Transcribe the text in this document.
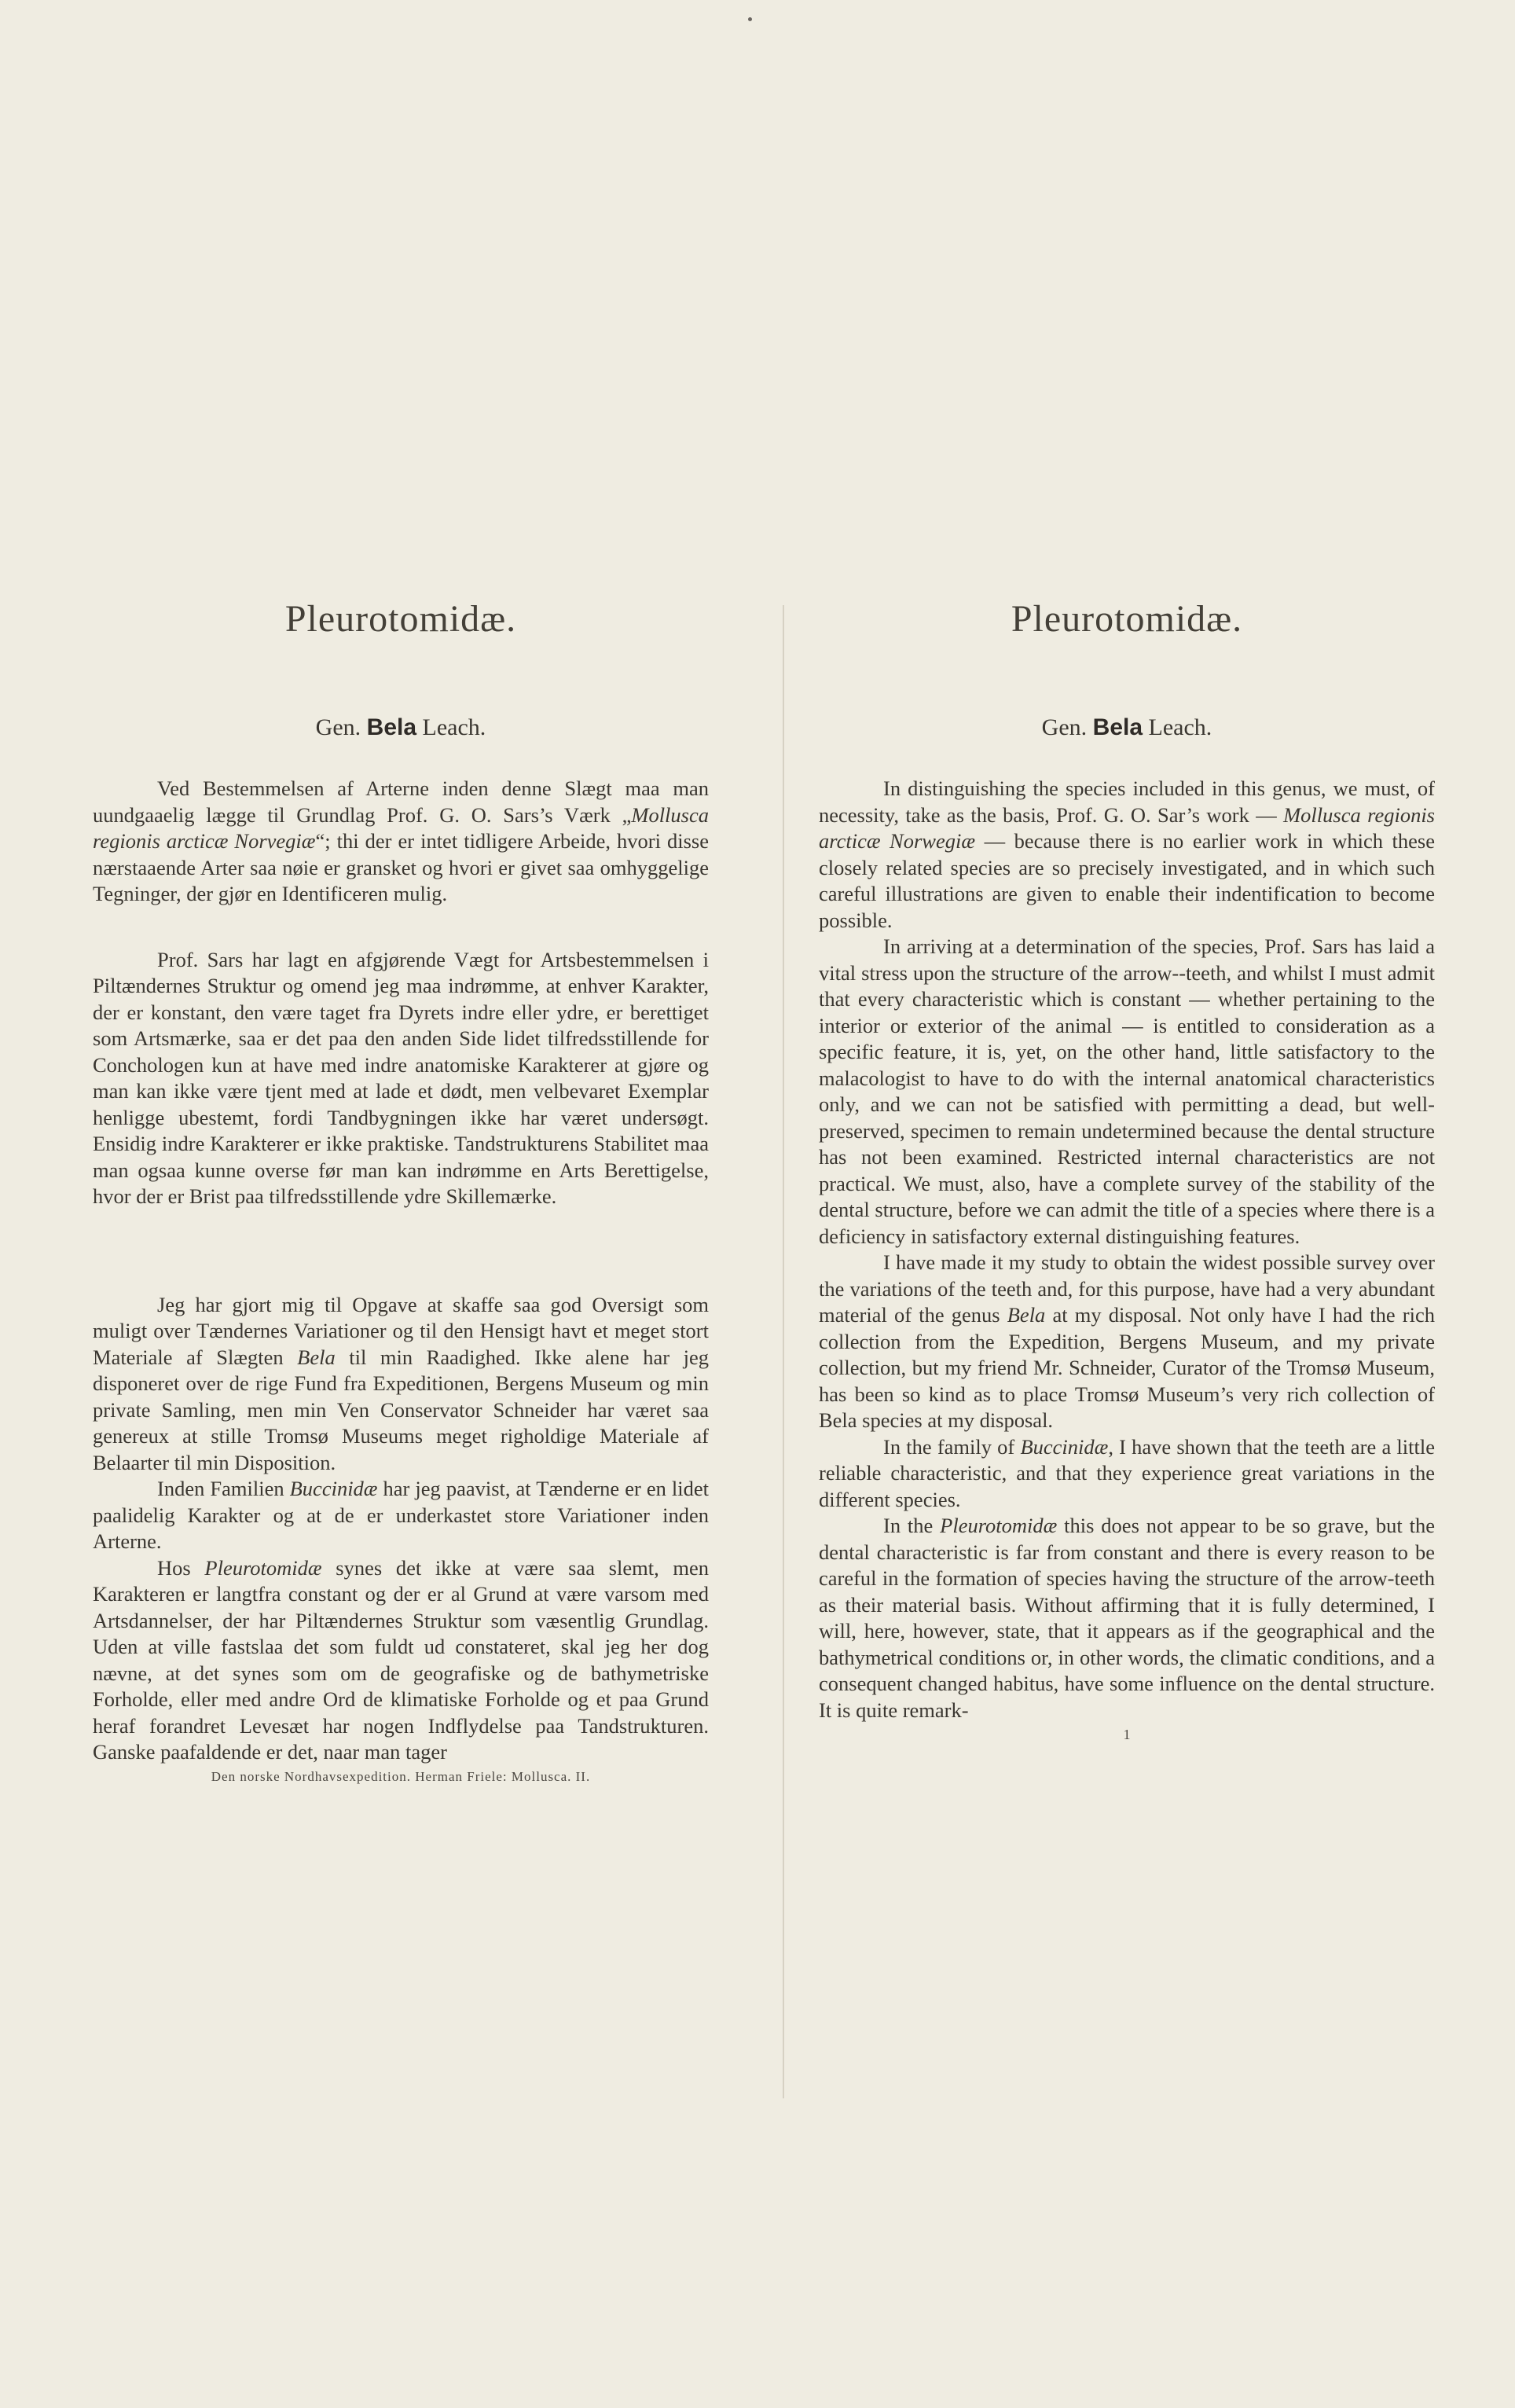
Pleurotomidæ.
Gen. Bela Leach.

Ved Bestemmelsen af Arterne inden denne Slægt maa man uundgaaelig lægge til Grundlag Prof. G. O. Sars’s Værk „Mollusca regionis arcticæ Norvegiæ“; thi der er intet tidligere Arbeide, hvori disse nærstaaende Arter saa nøie er gransket og hvori er givet saa omhyggelige Tegninger, der gjør en Identificeren mulig.

Prof. Sars har lagt en afgjørende Vægt for Artsbestemmelsen i Piltændernes Struktur og omend jeg maa indrømme, at enhver Karakter, der er konstant, den være taget fra Dyrets indre eller ydre, er berettiget som Artsmærke, saa er det paa den anden Side lidet tilfredsstillende for Conchologen kun at have med indre anatomiske Karakterer at gjøre og man kan ikke være tjent med at lade et dødt, men velbevaret Exemplar henligge ubestemt, fordi Tandbygningen ikke har været undersøgt. Ensidig indre Karakterer er ikke praktiske. Tandstrukturens Stabilitet maa man ogsaa kunne overse før man kan indrømme en Arts Berettigelse, hvor der er Brist paa tilfredsstillende ydre Skillemærke.

Jeg har gjort mig til Opgave at skaffe saa god Oversigt som muligt over Tændernes Variationer og til den Hensigt havt et meget stort Materiale af Slægten Bela til min Raadighed. Ikke alene har jeg disponeret over de rige Fund fra Expeditionen, Bergens Museum og min private Samling, men min Ven Conservator Schneider har været saa genereux at stille Tromsø Museums meget righoldige Materiale af Belaarter til min Disposition.

Inden Familien Buccinidæ har jeg paavist, at Tænderne er en lidet paalidelig Karakter og at de er underkastet store Variationer inden Arterne.

Hos Pleurotomidæ synes det ikke at være saa slemt, men Karakteren er langtfra constant og der er al Grund at være varsom med Artsdannelser, der har Piltændernes Struktur som væsentlig Grundlag. Uden at ville fastslaa det som fuldt ud constateret, skal jeg her dog nævne, at det synes som om de geografiske og de bathymetriske Forholde, eller med andre Ord de klimatiske Forholde og et paa Grund heraf forandret Levesæt har nogen Indflydelse paa Tandstrukturen. Ganske paafaldende er det, naar man tager

Den norske Nordhavsexpedition. Herman Friele: Mollusca. II.
Pleurotomidæ.
Gen. Bela Leach.

In distinguishing the species included in this genus, we must, of necessity, take as the basis, Prof. G. O. Sar’s work — Mollusca regionis arcticæ Norwegiæ — because there is no earlier work in which these closely related species are so precisely investigated, and in which such careful illustrations are given to enable their indentification to become possible.

In arriving at a determination of the species, Prof. Sars has laid a vital stress upon the structure of the arrow--teeth, and whilst I must admit that every characteristic which is constant — whether pertaining to the interior or exterior of the animal — is entitled to consideration as a specific feature, it is, yet, on the other hand, little satisfactory to the malacologist to have to do with the internal anatomical characteristics only, and we can not be satisfied with permitting a dead, but well-preserved, specimen to remain undetermined because the dental structure has not been examined. Restricted internal characteristics are not practical. We must, also, have a complete survey of the stability of the dental structure, before we can admit the title of a species where there is a deficiency in satisfactory external distinguishing features.

I have made it my study to obtain the widest possible survey over the variations of the teeth and, for this purpose, have had a very abundant material of the genus Bela at my disposal. Not only have I had the rich collection from the Expedition, Bergens Museum, and my private collection, but my friend Mr. Schneider, Curator of the Tromsø Museum, has been so kind as to place Tromsø Museum’s very rich collection of Bela species at my disposal.

In the family of Buccinidæ, I have shown that the teeth are a little reliable characteristic, and that they experience great variations in the different species.

In the Pleurotomidæ this does not appear to be so grave, but the dental characteristic is far from constant and there is every reason to be careful in the formation of species having the structure of the arrow-teeth as their material basis. Without affirming that it is fully determined, I will, here, however, state, that it appears as if the geographical and the bathymetrical conditions or, in other words, the climatic conditions, and a consequent changed habitus, have some influence on the dental structure. It is quite remark-

1
